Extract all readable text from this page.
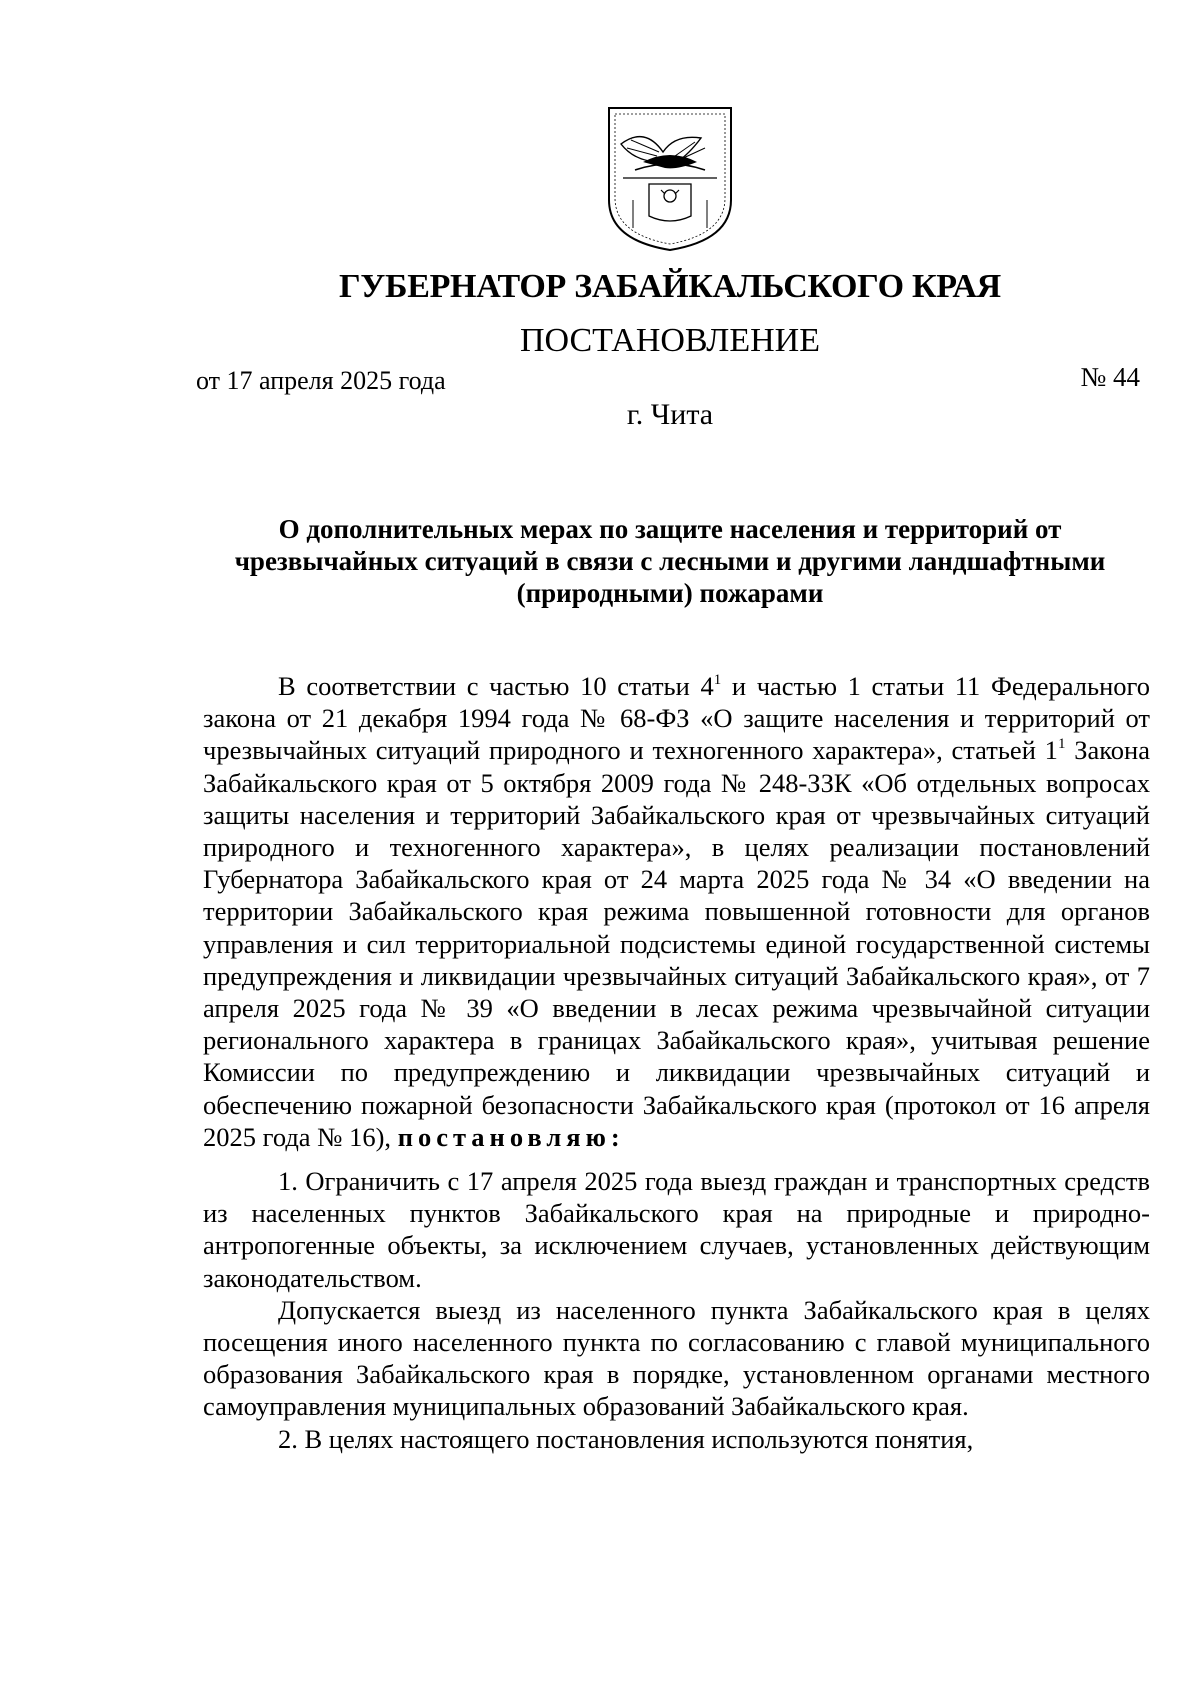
ГУБЕРНАТОР ЗАБАЙКАЛЬСКОГО КРАЯ
ПОСТАНОВЛЕНИЕ
от 17 апреля 2025 года	№ 44
г. Чита
О дополнительных мерах по защите населения и территорий от
чрезвычайных ситуаций в связи с лесными и другими ландшафтными
(природными) пожарами

В соответствии с частью 10 статьи $4^1$ и частью 1 статьи 11 Федерального закона от 21 декабря 1994 года № 68-ФЗ «О защите населения и территорий от чрезвычайных ситуаций природного и техногенного характера», статьей $1^1$ Закона Забайкальского края от 5 октября 2009 года № 248-ЗЗК «Об отдельных вопросах защиты населения и территорий Забайкальского края от чрезвычайных ситуаций природного и техногенного характера», в целях реализации постановлений Губернатора Забайкальского края от 24 марта 2025 года № 34 «О введении на территории Забайкальского края режима повышенной готовности для органов управления и сил территориальной подсистемы единой государственной системы предупреждения и ликвидации чрезвычайных ситуаций Забайкальского края», от 7 апреля 2025 года № 39 «О введении в лесах режима чрезвычайной ситуации регионального характера в границах Забайкальского края», учитывая решение Комиссии по предупреждению и ликвидации чрезвычайных ситуаций и обеспечению пожарной безопасности Забайкальского края (протокол от 16 апреля 2025 года № 16), постановляю:

1. Ограничить с 17 апреля 2025 года выезд граждан и транспортных средств из населенных пунктов Забайкальского края на природные и природно-антропогенные объекты, за исключением случаев, установленных действующим законодательством.

Допускается выезд из населенного пункта Забайкальского края в целях посещения иного населенного пункта по согласованию с главой муниципального образования Забайкальского края в порядке, установленном органами местного самоуправления муниципальных образований Забайкальского края.

2. В целях настоящего постановления используются понятия,
